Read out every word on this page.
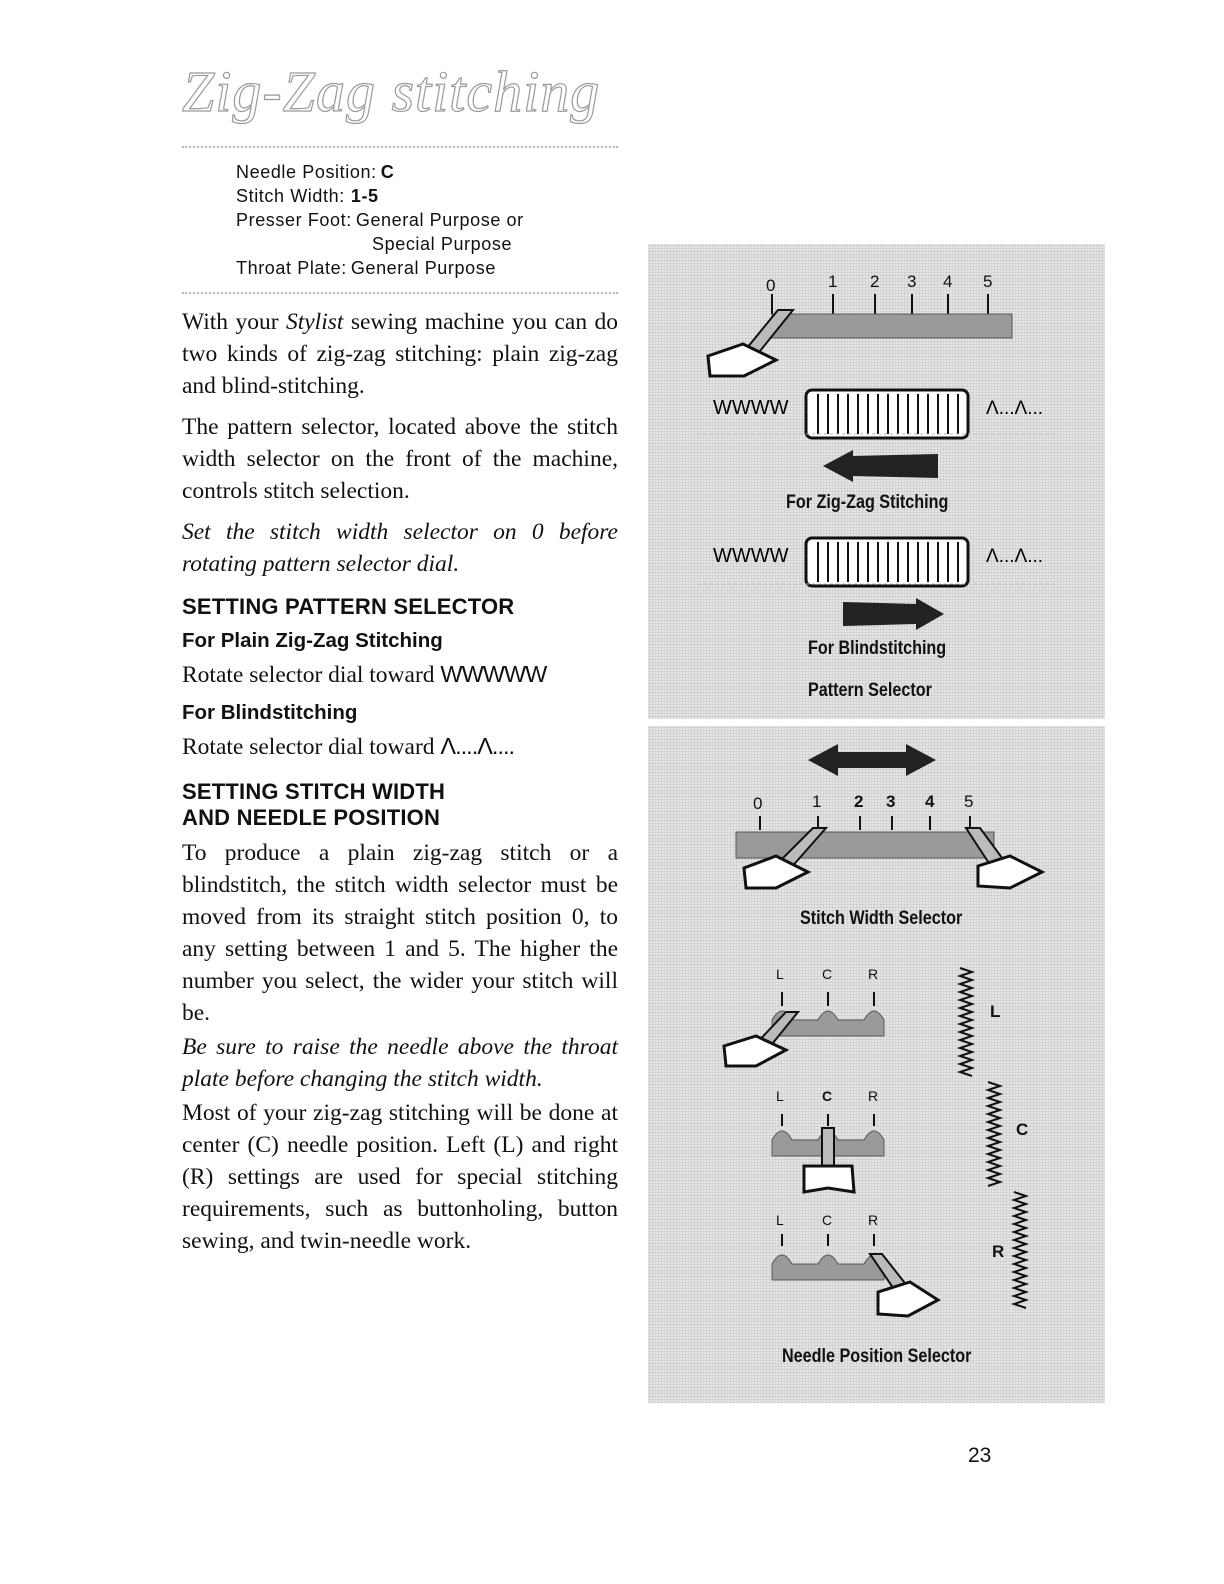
Zig-Zag stitching
Needle Position: C
Stitch Width: 1-5
Presser Foot: General Purpose or
Special Purpose
Throat Plate: General Purpose

With your Stylist sewing machine you can do two kinds of zig-zag stitching: plain zig-zag and blind-stitching.

The pattern selector, located above the stitch width selector on the front of the machine, controls stitch selection.

Set the stitch width selector on 0 before rotating pattern selector dial.

SETTING PATTERN SELECTOR
For Plain Zig-Zag Stitching

Rotate selector dial toward WWWWW

For Blindstitching

Rotate selector dial toward Λ....Λ....

SETTING STITCH WIDTH
AND NEEDLE POSITION

To produce a plain zig-zag stitch or a blindstitch, the stitch width selector must be moved from its straight stitch position 0, to any setting between 1 and 5. The higher the number you select, the wider your stitch will be.

Be sure to raise the needle above the throat plate before changing the stitch width.

Most of your zig-zag stitching will be done at center (C) needle position. Left (L) and right (R) settings are used for special stitching requirements, such as buttonholing, button sewing, and twin-needle work.

WWWW	Λ...Λ...
WWWW	Λ...Λ...
0	1 2 3 4 5
For Zig-Zag Stitching
For Blindstitching
Pattern Selector
0	1 2 3 4 5
Stitch Width Selector
L	C	R
L	C	R
L	C	R
L
C
R
Needle Position Selector
23
